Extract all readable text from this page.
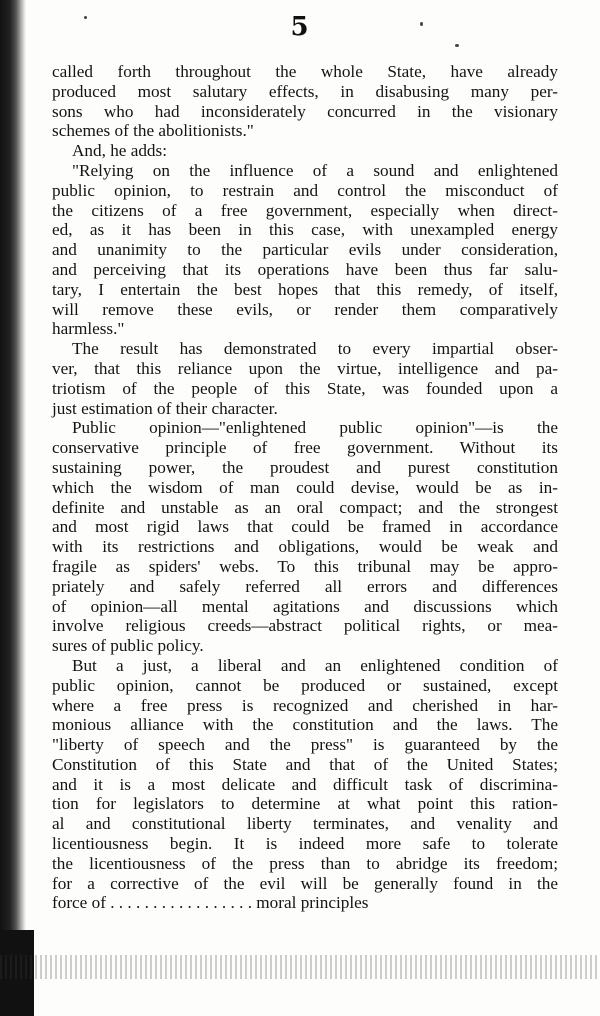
5
called forth throughout the whole State, have already
produced most salutary effects, in disabusing many per-
sons who had inconsiderately concurred in the visionary
schemes of the abolitionists."
And, he adds:
"Relying on the influence of a sound and enlightened
public opinion, to restrain and control the misconduct of
the citizens of a free government, especially when direct-
ed, as it has been in this case, with unexampled energy
and unanimity to the particular evils under consideration,
and perceiving that its operations have been thus far salu-
tary, I entertain the best hopes that this remedy, of itself,
will remove these evils, or render them comparatively
harmless."
The result has demonstrated to every impartial obser-
ver, that this reliance upon the virtue, intelligence and pa-
triotism of the people of this State, was founded upon a
just estimation of their character.
Public opinion—"enlightened public opinion"—is the
conservative principle of free government. Without its
sustaining power, the proudest and purest constitution
which the wisdom of man could devise, would be as in-
definite and unstable as an oral compact; and the strongest
and most rigid laws that could be framed in accordance
with its restrictions and obligations, would be weak and
fragile as spiders' webs. To this tribunal may be appro-
priately and safely referred all errors and differences
of opinion—all mental agitations and discussions which
involve religious creeds—abstract political rights, or mea-
sures of public policy.
But a just, a liberal and an enlightened condition of
public opinion, cannot be produced or sustained, except
where a free press is recognized and cherished in har-
monious alliance with the constitution and the laws. The
"liberty of speech and the press" is guaranteed by the
Constitution of this State and that of the United States;
and it is a most delicate and difficult task of discrimina-
tion for legislators to determine at what point this ration-
al and constitutional liberty terminates, and venality and
licentiousness begin. It is indeed more safe to tolerate
the licentiousness of the press than to abridge its freedom;
for a corrective of the evil will be generally found in the
force of . . . . . . . . . . . . . . . . . moral principles
